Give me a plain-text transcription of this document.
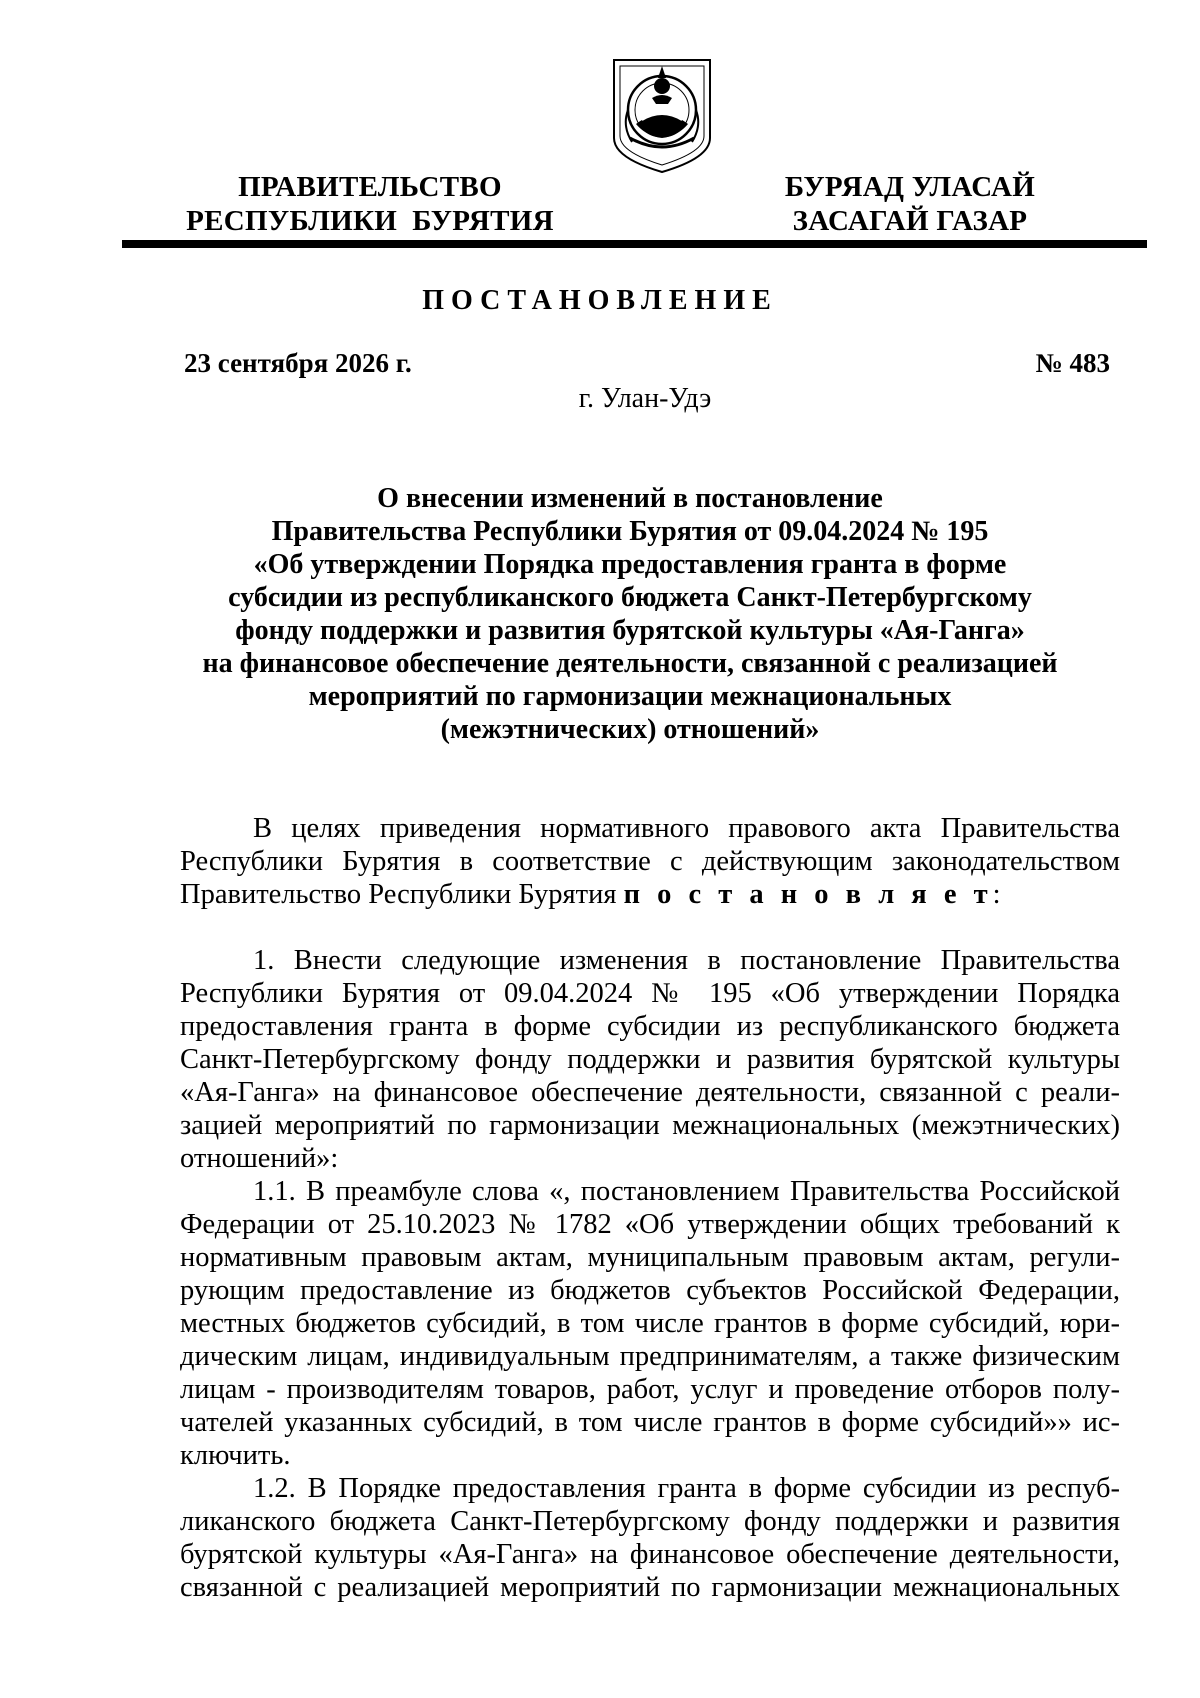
ПРАВИТЕЛЬСТВО
РЕСПУБЛИКИ  БУРЯТИЯ
БУРЯАД УЛАСАЙ
ЗАСАГАЙ ГАЗАР
ПОСТАНОВЛЕНИЕ
23 сентября 2026 г.	№ 483
г. Улан-Удэ
О внесении изменений в постановление
Правительства Республики Бурятия от 09.04.2024 № 195
«Об утверждении Порядка предоставления гранта в форме
субсидии из республиканского бюджета Санкт-Петербургскому
фонду поддержки и развития бурятской культуры «Ая-Ганга»
на финансовое обеспечение деятельности, связанной с реализацией
мероприятий по гармонизации межнациональных
(межэтнических) отношений»
В целях приведения нормативного правового акта Правительства
Республики Бурятия в соответствие с действующим законодательством
Правительство Республики Бурятия п о с т а н о в л я е т:
1. Внести следующие изменения в постановление Правительства
Республики Бурятия от 09.04.2024 № 195 «Об утверждении Порядка
предоставления гранта в форме субсидии из республиканского бюджета
Санкт-Петербургскому фонду поддержки и развития бурятской культуры
«Ая-Ганга» на финансовое обеспечение деятельности, связанной с реали-
зацией мероприятий по гармонизации межнациональных (межэтнических)
отношений»:
1.1. В преамбуле слова «, постановлением Правительства Российской
Федерации от 25.10.2023 № 1782 «Об утверждении общих требований к
нормативным правовым актам, муниципальным правовым актам, регули-
рующим предоставление из бюджетов субъектов Российской Федерации,
местных бюджетов субсидий, в том числе грантов в форме субсидий, юри-
дическим лицам, индивидуальным предпринимателям, а также физическим
лицам - производителям товаров, работ, услуг и проведение отборов полу-
чателей указанных субсидий, в том числе грантов в форме субсидий»» ис-
ключить.
1.2. В Порядке предоставления гранта в форме субсидии из респуб-
ликанского бюджета Санкт-Петербургскому фонду поддержки и развития
бурятской культуры «Ая-Ганга» на финансовое обеспечение деятельности,
связанной с реализацией мероприятий по гармонизации межнациональных
